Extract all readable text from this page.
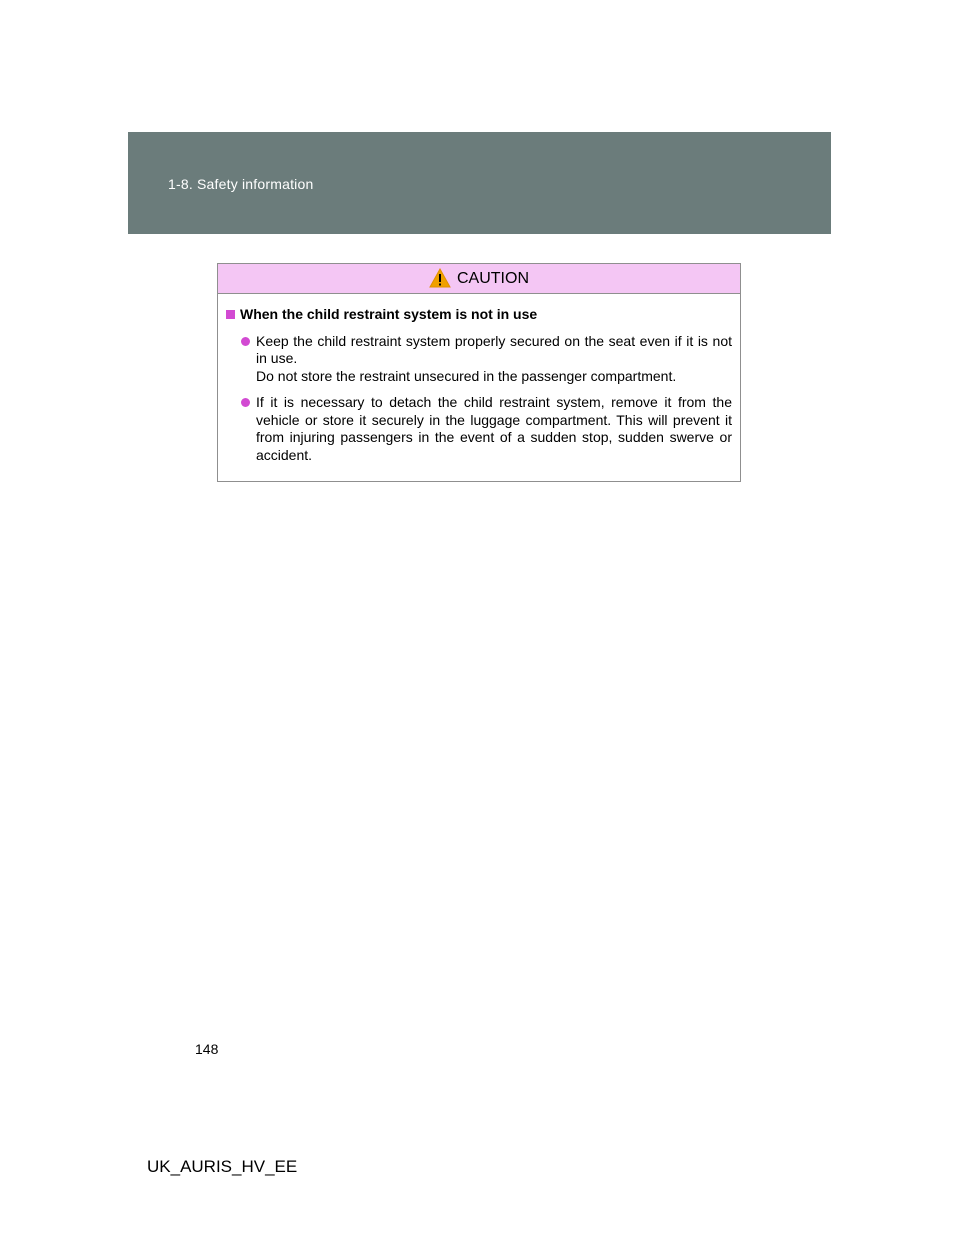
1-8. Safety information
CAUTION
When the child restraint system is not in use
Keep the child restraint system properly secured on the seat even if it is not in use.
Do not store the restraint unsecured in the passenger compartment.
If it is necessary to detach the child restraint system, remove it from the vehicle or store it securely in the luggage compartment. This will prevent it from injuring passengers in the event of a sudden stop, sudden swerve or accident.
148
UK_AURIS_HV_EE
